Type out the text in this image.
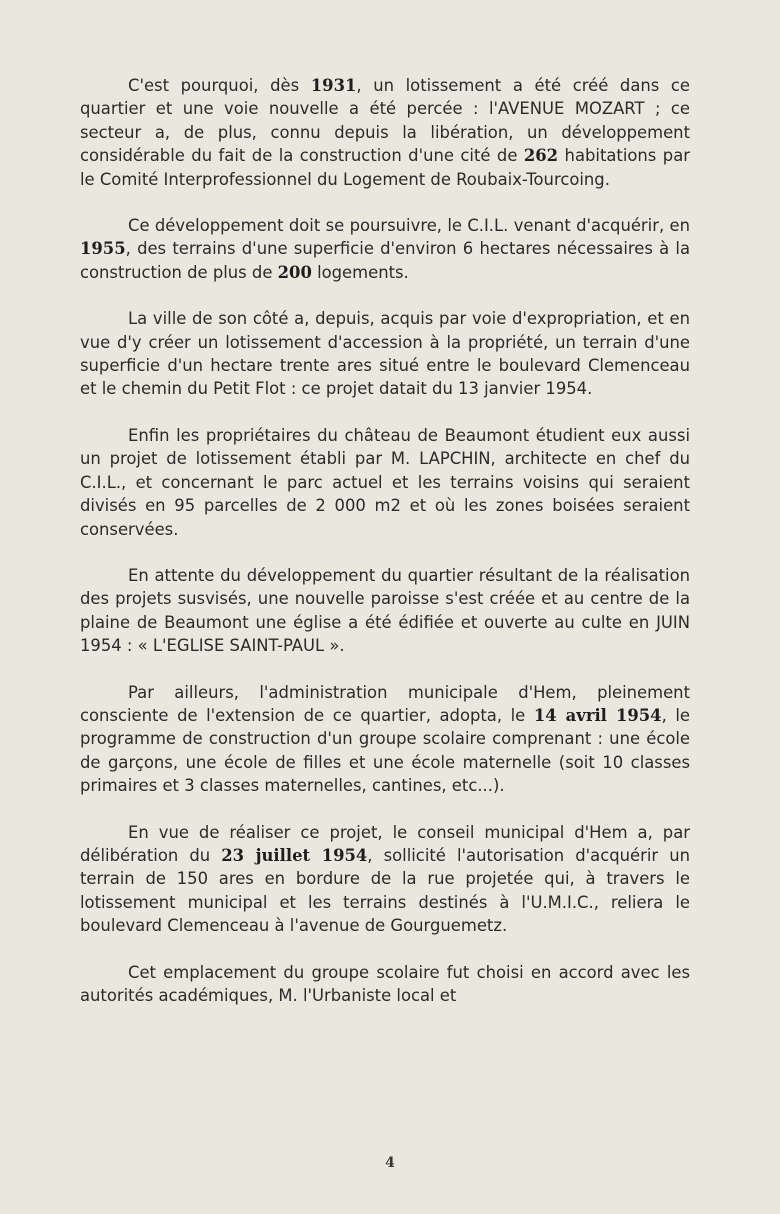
C'est pourquoi, dès 1931, un lotissement a été créé dans ce quartier et une voie nouvelle a été percée : l'AVENUE MOZART ; ce secteur a, de plus, connu depuis la libération, un développement considérable du fait de la construction d'une cité de 262 habitations par le Comité Interprofessionnel du Logement de Roubaix-Tourcoing.

Ce développement doit se poursuivre, le C.I.L. venant d'acquérir, en 1955, des terrains d'une superficie d'environ 6 hectares nécessaires à la construction de plus de 200 logements.

La ville de son côté a, depuis, acquis par voie d'expropriation, et en vue d'y créer un lotissement d'accession à la propriété, un terrain d'une superficie d'un hectare trente ares situé entre le boulevard Clemenceau et le chemin du Petit Flot : ce projet datait du 13 janvier 1954.

Enfin les propriétaires du château de Beaumont étudient eux aussi un projet de lotissement établi par M. LAPCHIN, architecte en chef du C.I.L., et concernant le parc actuel et les terrains voisins qui seraient divisés en 95 parcelles de 2 000 m2 et où les zones boisées seraient conservées.

En attente du développement du quartier résultant de la réalisation des projets susvisés, une nouvelle paroisse s'est créée et au centre de la plaine de Beaumont une église a été édifiée et ouverte au culte en JUIN 1954 : « L'EGLISE SAINT-PAUL ».

Par ailleurs, l'administration municipale d'Hem, pleinement consciente de l'extension de ce quartier, adopta, le 14 avril 1954, le programme de construction d'un groupe scolaire comprenant : une école de garçons, une école de filles et une école maternelle (soit 10 classes primaires et 3 classes maternelles, cantines, etc...).

En vue de réaliser ce projet, le conseil municipal d'Hem a, par délibération du 23 juillet 1954, sollicité l'autorisation d'acquérir un terrain de 150 ares en bordure de la rue projetée qui, à travers le lotissement municipal et les terrains destinés à l'U.M.I.C., reliera le boulevard Clemenceau à l'avenue de Gourguemetz.

Cet emplacement du groupe scolaire fut choisi en accord avec les autorités académiques, M. l'Urbaniste local et

4
